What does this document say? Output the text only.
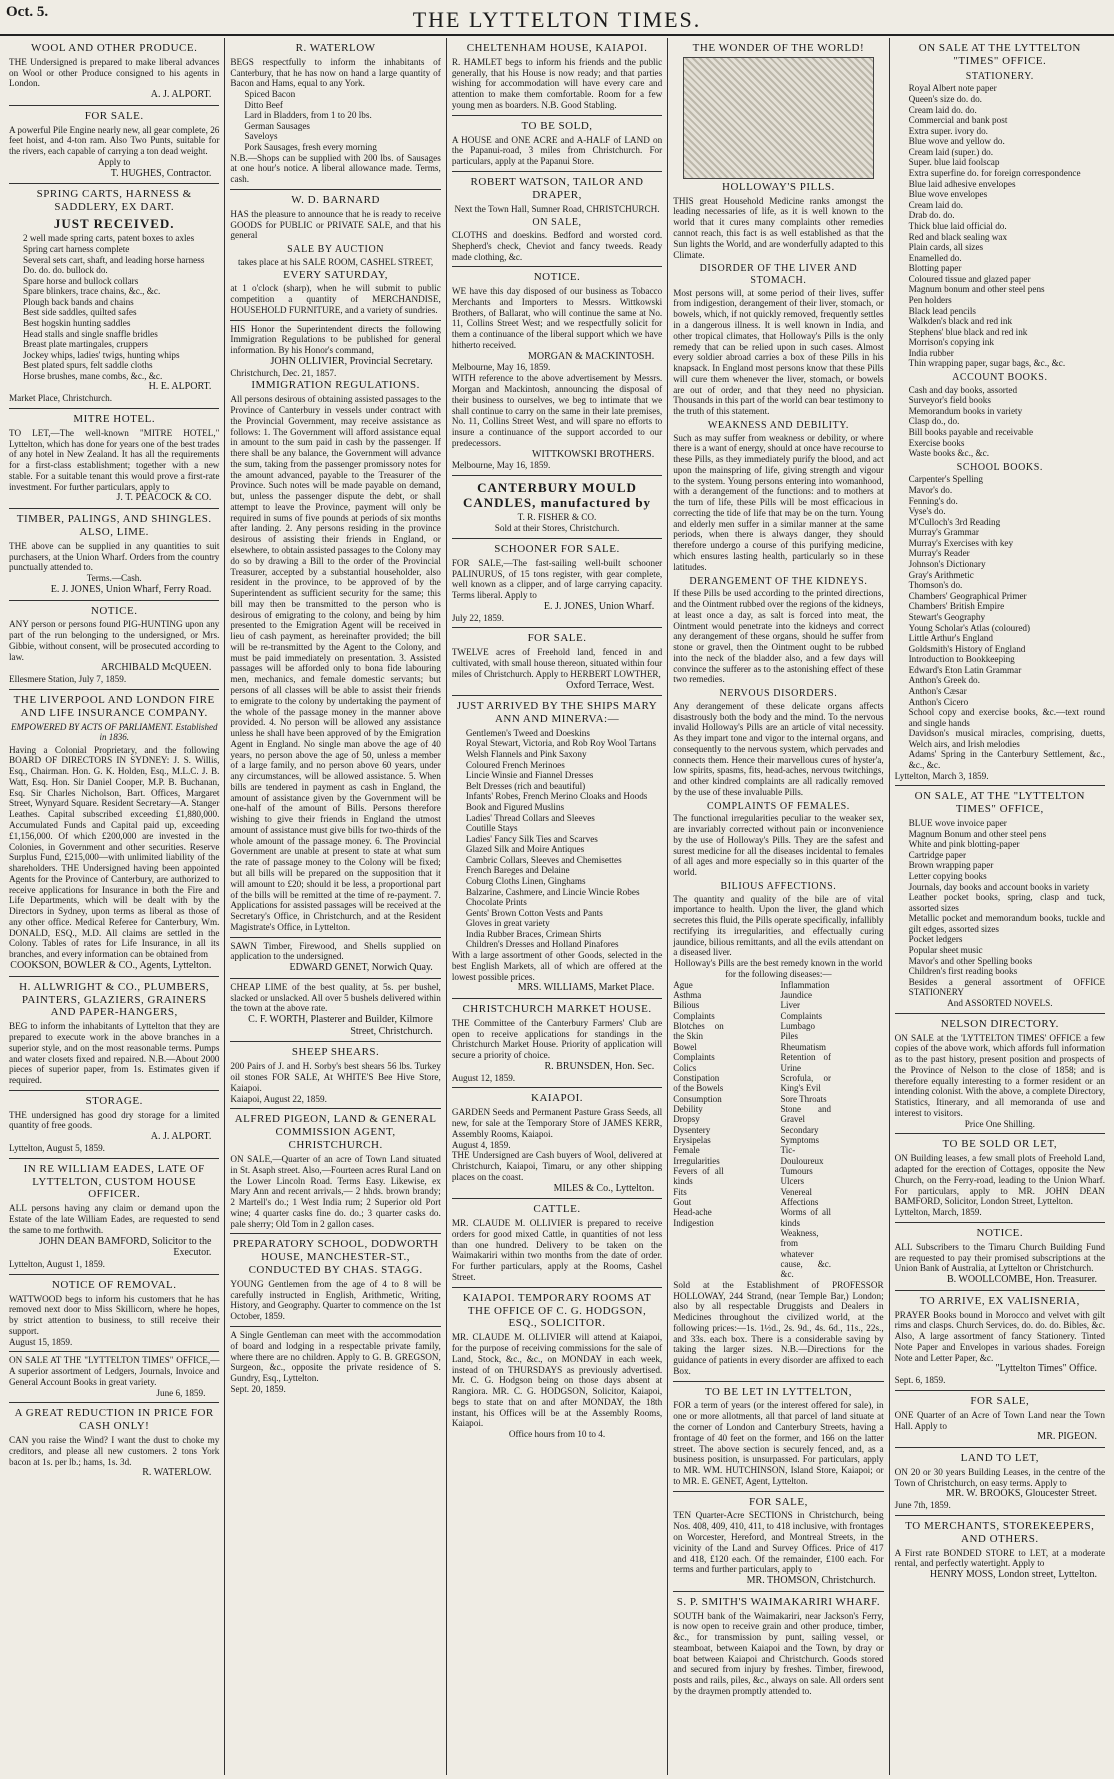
Oct. 5.	THE LYTTELTON TIMES.
WOOL AND OTHER PRODUCE.
THE Undersigned is prepared to make liberal advances on Wool or other Produce consigned to his agents in London.
A. J. ALPORT.
FOR SALE.
A powerful Pile Engine nearly new, all gear complete, 26 feet hoist, and 4-ton ram. Also Two Punts, suitable for the rivers, each capable of carrying a ton dead weight.
Apply to
T. HUGHES, Contractor.
SPRING CARTS, HARNESS & SADDLERY, EX DART.
JUST RECEIVED.
2 well made spring carts, patent boxes to axles
Spring cart harness complete
Several sets cart, shaft, and leading horse harness
Do. do. do. bullock do.
Spare horse and bullock collars
Spare blinkers, trace chains, &c., &c.
Plough back bands and chains
Best side saddles, quilted safes
Best hogskin hunting saddles
Head stalls and single snaffle bridles
Breast plate martingales, cruppers
Jockey whips, ladies' twigs, hunting whips
Best plated spurs, felt saddle cloths
Horse brushes, mane combs, &c., &c.
H. E. ALPORT.
Market Place, Christchurch.
MITRE HOTEL.
TO LET,—The well-known "MITRE HOTEL," Lyttelton, which has done for years one of the best trades of any hotel in New Zealand. It has all the requirements for a first-class establishment; together with a new stable. For a suitable tenant this would prove a first-rate investment. For further particulars, apply to
J. T. PEACOCK & CO.
TIMBER, PALINGS, AND SHINGLES. ALSO, LIME.
THE above can be supplied in any quantities to suit purchasers, at the Union Wharf. Orders from the country punctually attended to.
Terms.—Cash.
E. J. JONES, Union Wharf, Ferry Road.
NOTICE.
ANY person or persons found PIG-HUNTING upon any part of the run belonging to the undersigned, or Mrs. Gibbie, without consent, will be prosecuted according to law.
ARCHIBALD McQUEEN.
Ellesmere Station, July 7, 1859.
THE LIVERPOOL AND LONDON FIRE AND LIFE INSURANCE COMPANY.
EMPOWERED BY ACTS OF PARLIAMENT. Established in 1836.
Having a Colonial Proprietary, and the following BOARD OF DIRECTORS IN SYDNEY: J. S. Willis, Esq., Chairman. Hon. G. K. Holden, Esq., M.L.C. J. B. Watt, Esq. Hon. Sir Daniel Cooper, M.P. B. Buchanan, Esq. Sir Charles Nicholson, Bart. Offices, Margaret Street, Wynyard Square. Resident Secretary—A. Stanger Leathes. Capital subscribed exceeding £1,880,000. Accumulated Funds and Capital paid up, exceeding £1,156,000. Of which £200,000 are invested in the Colonies, in Government and other securities. Reserve Surplus Fund, £215,000—with unlimited liability of the shareholders. THE Undersigned having been appointed Agents for the Province of Canterbury, are authorized to receive applications for Insurance in both the Fire and Life Departments, which will be dealt with by the Directors in Sydney, upon terms as liberal as those of any other office. Medical Referee for Canterbury, Wm. DONALD, ESQ., M.D. All claims are settled in the Colony. Tables of rates for Life Insurance, in all its branches, and every information can be obtained from
COOKSON, BOWLER & CO., Agents, Lyttelton.
H. ALLWRIGHT & CO., PLUMBERS, PAINTERS, GLAZIERS, GRAINERS AND PAPER-HANGERS,
BEG to inform the inhabitants of Lyttelton that they are prepared to execute work in the above branches in a superior style, and on the most reasonable terms. Pumps and water closets fixed and repaired. N.B.—About 2000 pieces of superior paper, from 1s. Estimates given if required.
STORAGE.
THE undersigned has good dry storage for a limited quantity of free goods.
A. J. ALPORT.
Lyttelton, August 5, 1859.
IN RE WILLIAM EADES, LATE OF LYTTELTON, CUSTOM HOUSE OFFICER.
ALL persons having any claim or demand upon the Estate of the late William Eades, are requested to send the same to me forthwith.
JOHN DEAN BAMFORD, Solicitor to the Executor.
Lyttelton, August 1, 1859.
NOTICE OF REMOVAL.
WATTWOOD begs to inform his customers that he has removed next door to Miss Skillicorn, where he hopes, by strict attention to business, to still receive their support.
August 15, 1859.
ON SALE AT THE "LYTTELTON TIMES" OFFICE,—A superior assortment of Ledgers, Journals, Invoice and General Account Books in great variety.
June 6, 1859.
A GREAT REDUCTION IN PRICE FOR CASH ONLY!
CAN you raise the Wind? I want the dust to choke my creditors, and please all new customers. 2 tons York bacon at 1s. per lb.; hams, 1s. 3d.
R. WATERLOW.
R. WATERLOW
BEGS respectfully to inform the inhabitants of Canterbury, that he has now on hand a large quantity of Bacon and Hams, equal to any York.
Spiced Bacon
Ditto Beef
Lard in Bladders, from 1 to 20 lbs.
German Sausages
Saveloys
Pork Sausages, fresh every morning
N.B.—Shops can be supplied with 200 lbs. of Sausages at one hour's notice. A liberal allowance made. Terms, cash.
W. D. BARNARD
HAS the pleasure to announce that he is ready to receive GOODS for PUBLIC or PRIVATE SALE, and that his general
SALE BY AUCTION
takes place at his SALE ROOM, CASHEL STREET,
EVERY SATURDAY,
at 1 o'clock (sharp), when he will submit to public competition a quantity of MERCHANDISE, HOUSEHOLD FURNITURE, and a variety of sundries.
HIS Honor the Superintendent directs the following Immigration Regulations to be published for general information. By his Honor's command,
JOHN OLLIVIER, Provincial Secretary.
Christchurch, Dec. 21, 1857.
IMMIGRATION REGULATIONS.
All persons desirous of obtaining assisted passages to the Province of Canterbury in vessels under contract with the Provincial Government, may receive assistance as follows: 1. The Government will afford assistance equal in amount to the sum paid in cash by the passenger. If there shall be any balance, the Government will advance the sum, taking from the passenger promissory notes for the amount advanced, payable to the Treasurer of the Province. Such notes will be made payable on demand, but, unless the passenger dispute the debt, or shall attempt to leave the Province, payment will only be required in sums of five pounds at periods of six months after landing. 2. Any persons residing in the province desirous of assisting their friends in England, or elsewhere, to obtain assisted passages to the Colony may do so by drawing a Bill to the order of the Provincial Treasurer, accepted by a substantial householder, also resident in the province, to be approved of by the Superintendent as sufficient security for the same; this bill may then be transmitted to the person who is desirous of emigrating to the colony, and being by him presented to the Emigration Agent will be received in lieu of cash payment, as hereinafter provided; the bill will be re-transmitted by the Agent to the Colony, and must be paid immediately on presentation. 3. Assisted passages will be afforded only to bona fide labouring men, mechanics, and female domestic servants; but persons of all classes will be able to assist their friends to emigrate to the colony by undertaking the payment of the whole of the passage money in the manner above provided. 4. No person will be allowed any assistance unless he shall have been approved of by the Emigration Agent in England. No single man above the age of 40 years, no person above the age of 50, unless a member of a large family, and no person above 60 years, under any circumstances, will be allowed assistance. 5. When bills are tendered in payment as cash in England, the amount of assistance given by the Government will be one-half of the amount of Bills. Persons therefore wishing to give their friends in England the utmost amount of assistance must give bills for two-thirds of the whole amount of the passage money. 6. The Provincial Government are unable at present to state at what sum the rate of passage money to the Colony will be fixed; but all bills will be prepared on the supposition that it will amount to £20; should it be less, a proportional part of the bills will be remitted at the time of re-payment. 7. Applications for assisted passages will be received at the Secretary's Office, in Christchurch, and at the Resident Magistrate's Office, in Lyttelton.
SAWN Timber, Firewood, and Shells supplied on application to the undersigned.
EDWARD GENET, Norwich Quay.
CHEAP LIME of the best quality, at 5s. per bushel, slacked or unslacked. All over 5 bushels delivered within the town at the above rate.
C. F. WORTH, Plasterer and Builder, Kilmore Street, Christchurch.
SHEEP SHEARS.
200 Pairs of J. and H. Sorby's best shears 56 lbs. Turkey oil stones FOR SALE, At WHITE'S Bee Hive Store, Kaiapoi.
Kaiapoi, August 22, 1859.
ALFRED PIGEON, LAND & GENERAL COMMISSION AGENT, CHRISTCHURCH.
ON SALE,—Quarter of an acre of Town Land situated in St. Asaph street. Also,—Fourteen acres Rural Land on the Lower Lincoln Road. Terms Easy. Likewise, ex Mary Ann and recent arrivals,— 2 hhds. brown brandy; 2 Martell's do.; 1 West India rum; 2 Superior old Port wine; 4 quarter casks fine do. do.; 3 quarter casks do. pale sherry; Old Tom in 2 gallon cases.
PREPARATORY SCHOOL, DODWORTH HOUSE, MANCHESTER-ST., CONDUCTED BY CHAS. STAGG.
YOUNG Gentlemen from the age of 4 to 8 will be carefully instructed in English, Arithmetic, Writing, History, and Geography. Quarter to commence on the 1st October, 1859.
A Single Gentleman can meet with the accommodation of board and lodging in a respectable private family, where there are no children. Apply to G. B. GREGSON, Surgeon, &c., opposite the private residence of S. Gundry, Esq., Lyttelton.
Sept. 20, 1859.
CHELTENHAM HOUSE, KAIAPOI.
R. HAMLET begs to inform his friends and the public generally, that his House is now ready; and that parties wishing for accommodation will have every care and attention to make them comfortable. Room for a few young men as boarders. N.B. Good Stabling.
TO BE SOLD,
A HOUSE and ONE ACRE and A-HALF of LAND on the Papanui-road, 3 miles from Christchurch. For particulars, apply at the Papanui Store.
ROBERT WATSON, TAILOR AND DRAPER,
Next the Town Hall, Sumner Road, CHRISTCHURCH.
ON SALE,
CLOTHS and doeskins. Bedford and worsted cord. Shepherd's check, Cheviot and fancy tweeds. Ready made clothing, &c.
NOTICE.
WE have this day disposed of our business as Tobacco Merchants and Importers to Messrs. Wittkowski Brothers, of Ballarat, who will continue the same at No. 11, Collins Street West; and we respectfully solicit for them a continuance of the liberal support which we have hitherto received.
MORGAN & MACKINTOSH.
Melbourne, May 16, 1859.
WITH reference to the above advertisement by Messrs. Morgan and Mackintosh, announcing the disposal of their business to ourselves, we beg to intimate that we shall continue to carry on the same in their late premises, No. 11, Collins Street West, and will spare no efforts to insure a continuance of the support accorded to our predecessors.
WITTKOWSKI BROTHERS.
Melbourne, May 16, 1859.
CANTERBURY MOULD CANDLES, manufactured by
T. R. FISHER & CO.
Sold at their Stores, Christchurch.
SCHOONER FOR SALE.
FOR SALE,—The fast-sailing well-built schooner PALINURUS, of 15 tons register, with gear complete, well known as a clipper, and of large carrying capacity. Terms liberal. Apply to
E. J. JONES, Union Wharf.
July 22, 1859.
FOR SALE.
TWELVE acres of Freehold land, fenced in and cultivated, with small house thereon, situated within four miles of Christchurch. Apply to HERBERT LOWTHER,
Oxford Terrace, West.
JUST ARRIVED BY THE SHIPS MARY ANN AND MINERVA:—
Gentlemen's Tweed and Doeskins
Royal Stewart, Victoria, and Rob Roy Wool Tartans
Welsh Flannels and Pink Saxony
Coloured French Merinoes
Lincie Winsie and Fiannel Dresses
Belt Dresses (rich and beautiful)
Infants' Robes, French Merino Cloaks and Hoods
Book and Figured Muslins
Ladies' Thread Collars and Sleeves
Coutille Stays
Ladies' Fancy Silk Ties and Scarves
Glazed Silk and Moire Antiques
Cambric Collars, Sleeves and Chemisettes
French Bareges and Delaine
Coburg Cloths Linen, Ginghams
Balzarine, Cashmere, and Lincie Wincie Robes
Chocolate Prints
Gents' Brown Cotton Vests and Pants
Gloves in great variety
India Rubber Braces, Crimean Shirts
Children's Dresses and Holland Pinafores
With a large assortment of other Goods, selected in the best English Markets, all of which are offered at the lowest possible prices.
MRS. WILLIAMS, Market Place.
CHRISTCHURCH MARKET HOUSE.
THE Committee of the Canterbury Farmers' Club are open to receive applications for standings in the Christchurch Market House. Priority of application will secure a priority of choice.
R. BRUNSDEN, Hon. Sec.
August 12, 1859.
KAIAPOI.
GARDEN Seeds and Permanent Pasture Grass Seeds, all new, for sale at the Temporary Store of JAMES KERR, Assembly Rooms, Kaiapoi.
August 4, 1859.
THE Undersigned are Cash buyers of Wool, delivered at Christchurch, Kaiapoi, Timaru, or any other shipping places on the coast.
MILES & Co., Lyttelton.
CATTLE.
MR. CLAUDE M. OLLIVIER is prepared to receive orders for good mixed Cattle, in quantities of not less than one hundred. Delivery to be taken on the Waimakariri within two months from the date of order. For further particulars, apply at the Rooms, Cashel Street.
KAIAPOI. TEMPORARY ROOMS AT THE OFFICE OF C. G. HODGSON, ESQ., SOLICITOR.
MR. CLAUDE M. OLLIVIER will attend at Kaiapoi, for the purpose of receiving commissions for the sale of Land, Stock, &c., &c., on MONDAY in each week, instead of on THURSDAYS as previously advertised. Mr. C. G. Hodgson being on those days absent at Rangiora. MR. C. G. HODGSON, Solicitor, Kaiapoi, begs to state that on and after MONDAY, the 18th instant, his Offices will be at the Assembly Rooms, Kaiapoi.
Office hours from 10 to 4.
THE WONDER OF THE WORLD!
HOLLOWAY'S PILLS.
THIS great Household Medicine ranks amongst the leading necessaries of life, as it is well known to the world that it cures many complaints other remedies cannot reach, this fact is as well established as that the Sun lights the World, and are wonderfully adapted to this Climate.
DISORDER OF THE LIVER AND STOMACH.
Most persons will, at some period of their lives, suffer from indigestion, derangement of their liver, stomach, or bowels, which, if not quickly removed, frequently settles in a dangerous illness. It is well known in India, and other tropical climates, that Holloway's Pills is the only remedy that can be relied upon in such cases. Almost every soldier abroad carries a box of these Pills in his knapsack. In England most persons know that these Pills will cure them whenever the liver, stomach, or bowels are out of order, and that they need no physician. Thousands in this part of the world can bear testimony to the truth of this statement.
WEAKNESS AND DEBILITY.
Such as may suffer from weakness or debility, or where there is a want of energy, should at once have recourse to these Pills, as they immediately purify the blood, and act upon the mainspring of life, giving strength and vigour to the system. Young persons entering into womanhood, with a derangement of the functions: and to mothers at the turn of life, these Pills will be most efficacious in correcting the tide of life that may be on the turn. Young and elderly men suffer in a similar manner at the same periods, when there is always danger, they should therefore undergo a course of this purifying medicine, which ensures lasting health, particularly so in these latitudes.
DERANGEMENT OF THE KIDNEYS.
If these Pills be used according to the printed directions, and the Ointment rubbed over the regions of the kidneys, at least once a day, as salt is forced into meat, the Ointment would penetrate into the kidneys and correct any derangement of these organs, should he suffer from stone or gravel, then the Ointment ought to be rubbed into the neck of the bladder also, and a few days will convince the sufferer as to the astonishing effect of these two remedies.
NERVOUS DISORDERS.
Any derangement of these delicate organs affects disastrously both the body and the mind. To the nervous invalid Holloway's Pills are an article of vital necessity. As they impart tone and vigor to the internal organs, and consequently to the nervous system, which pervades and connects them. Hence their marvellous cures of hyster'a, low spirits, spasms, fits, head-aches, nervous twitchings, and other kindred complaints are all radically removed by the use of these invaluable Pills.
COMPLAINTS OF FEMALES.
The functional irregularities peculiar to the weaker sex, are invariably corrected without pain or inconvenience by the use of Holloway's Pills. They are the safest and surest medicine for all the diseases incidental to females of all ages and more especially so in this quarter of the world.
BILIOUS AFFECTIONS.
The quantity and quality of the bile are of vital importance to health. Upon the liver, the gland which secretes this fluid, the Pills operate specifically, infallibly rectifying its irregularities, and effectually curing jaundice, bilious remittants, and all the evils attendant on a diseased liver.
Holloway's Pills are the best remedy known in the world for the following diseases:—
Ague
Asthma
Bilious Complaints
Blotches on the Skin
Bowel Complaints
Colics
Constipation of the Bowels
Consumption
Debility
Dropsy
Dysentery
Erysipelas
Female Irregularities
Fevers of all kinds
Fits
Gout
Head-ache
Indigestion
Inflammation
Jaundice
Liver Complaints
Lumbago
Piles
Rheumatism
Retention of Urine
Scrofula, or King's Evil
Sore Throats
Stone and Gravel
Secondary Symptoms
Tic-Douloureux
Tumours
Ulcers
Venereal Affections
Worms of all kinds
Weakness, from whatever cause, &c. &c.
Sold at the Establishment of PROFESSOR HOLLOWAY, 244 Strand, (near Temple Bar,) London; also by all respectable Druggists and Dealers in Medicines throughout the civilized world, at the following prices:—1s. 1½d., 2s. 9d., 4s. 6d., 11s., 22s., and 33s. each box. There is a considerable saving by taking the larger sizes. N.B.—Directions for the guidance of patients in every disorder are affixed to each Box.
TO BE LET IN LYTTELTON,
FOR a term of years (or the interest offered for sale), in one or more allotments, all that parcel of land situate at the corner of London and Canterbury Streets, having a frontage of 40 feet on the former, and 166 on the latter street. The above section is securely fenced, and, as a business position, is unsurpassed. For particulars, apply to MR. WM. HUTCHINSON, Island Store, Kaiapoi; or to MR. E. GENET, Agent, Lyttelton.
FOR SALE,
TEN Quarter-Acre SECTIONS in Christchurch, being Nos. 408, 409, 410, 411, to 418 inclusive, with frontages on Worcester, Hereford, and Montreal Streets, in the vicinity of the Land and Survey Offices. Price of 417 and 418, £120 each. Of the remainder, £100 each. For terms and further particulars, apply to
MR. THOMSON, Christchurch.
S. P. SMITH'S WAIMAKARIRI WHARF.
SOUTH bank of the Waimakariri, near Jackson's Ferry, is now open to receive grain and other produce, timber, &c., for transmission by punt, sailing vessel, or steamboat, between Kaiapoi and the Town, by dray or boat between Kaiapoi and Christchurch. Goods stored and secured from injury by freshes. Timber, firewood, posts and rails, piles, &c., always on sale. All orders sent by the draymen promptly attended to.
ON SALE AT THE LYTTELTON "TIMES" OFFICE.
STATIONERY.
Royal Albert note paper
Queen's size do. do.
Cream laid do. do.
Commercial and bank post
Extra super. ivory do.
Blue wove and yellow do.
Cream laid (super.) do.
Super. blue laid foolscap
Extra superfine do. for foreign correspondence
Blue laid adhesive envelopes
Blue wove envelopes
Cream laid do.
Drab do. do.
Thick blue laid official do.
Red and black sealing wax
Plain cards, all sizes
Enamelled do.
Blotting paper
Coloured tissue and glazed paper
Magnum bonum and other steel pens
Pen holders
Black lead pencils
Walkden's black and red ink
Stephens' blue black and red ink
Morrison's copying ink
India rubber
Thin wrapping paper, sugar bags, &c., &c.
ACCOUNT BOOKS.
Cash and day books, assorted
Surveyor's field books
Memorandum books in variety
Clasp do., do.
Bill books payable and receivable
Exercise books
Waste books &c., &c.
SCHOOL BOOKS.
Carpenter's Spelling
Mavor's do.
Fenning's do.
Vyse's do.
M'Culloch's 3rd Reading
Murray's Grammar
Murray's Exercises with key
Murray's Reader
Johnson's Dictionary
Gray's Arithmetic
Thomson's do.
Chambers' Geographical Primer
Chambers' British Empire
Stewart's Geography
Young Scholar's Atlas (coloured)
Little Arthur's England
Goldsmith's History of England
Introduction to Bookkeeping
Edward's Eton Latin Grammar
Anthon's Greek do.
Anthon's Cæsar
Anthon's Cicero
School copy and exercise books, &c.—text round and single hands
Davidson's musical miracles, comprising, duetts, Welch airs, and Irish melodies
Adams' Spring in the Canterbury Settlement, &c., &c., &c.
Lyttelton, March 3, 1859.
ON SALE, AT THE "LYTTELTON TIMES" OFFICE,
BLUE wove invoice paper
Magnum Bonum and other steel pens
White and pink blotting-paper
Cartridge paper
Brown wrapping paper
Letter copying books
Journals, day books and account books in variety
Leather pocket books, spring, clasp and tuck, assorted sizes
Metallic pocket and memorandum books, tuckle and gilt edges, assorted sizes
Pocket ledgers
Popular sheet music
Mavor's and other Spelling books
Children's first reading books
Besides a general assortment of OFFICE STATIONERY
And ASSORTED NOVELS.
NELSON DIRECTORY.
ON SALE at the 'LYTTELTON TIMES' OFFICE a few copies of the above work, which affords full information as to the past history, present position and prospects of the Province of Nelson to the close of 1858; and is therefore equally interesting to a former resident or an intending colonist. With the above, a complete Directory, Statistics, Itinerary, and all memoranda of use and interest to visitors.
Price One Shilling.
TO BE SOLD OR LET,
ON Building leases, a few small plots of Freehold Land, adapted for the erection of Cottages, opposite the New Church, on the Ferry-road, leading to the Union Wharf. For particulars, apply to MR. JOHN DEAN BAMFORD, Solicitor, London Street, Lyttelton.
Lyttelton, March, 1859.
NOTICE.
ALL Subscribers to the Timaru Church Building Fund are requested to pay their promised subscriptions at the Union Bank of Australia, at Lyttelton or Christchurch.
B. WOOLLCOMBE, Hon. Treasurer.
TO ARRIVE, EX VALISNERIA,
PRAYER Books bound in Morocco and velvet with gilt rims and clasps. Church Services, do. do. do. Bibles, &c. Also, A large assortment of fancy Stationery. Tinted Note Paper and Envelopes in various shades. Foreign Note and Letter Paper, &c.
"Lyttelton Times" Office.
Sept. 6, 1859.
FOR SALE,
ONE Quarter of an Acre of Town Land near the Town Hall. Apply to
MR. PIGEON.
LAND TO LET,
ON 20 or 30 years Building Leases, in the centre of the Town of Christchurch, on easy terms. Apply to
MR. W. BROOKS, Gloucester Street.
June 7th, 1859.
TO MERCHANTS, STOREKEEPERS, AND OTHERS.
A First rate BONDED STORE to LET, at a moderate rental, and perfectly watertight. Apply to
HENRY MOSS, London street, Lyttelton.
